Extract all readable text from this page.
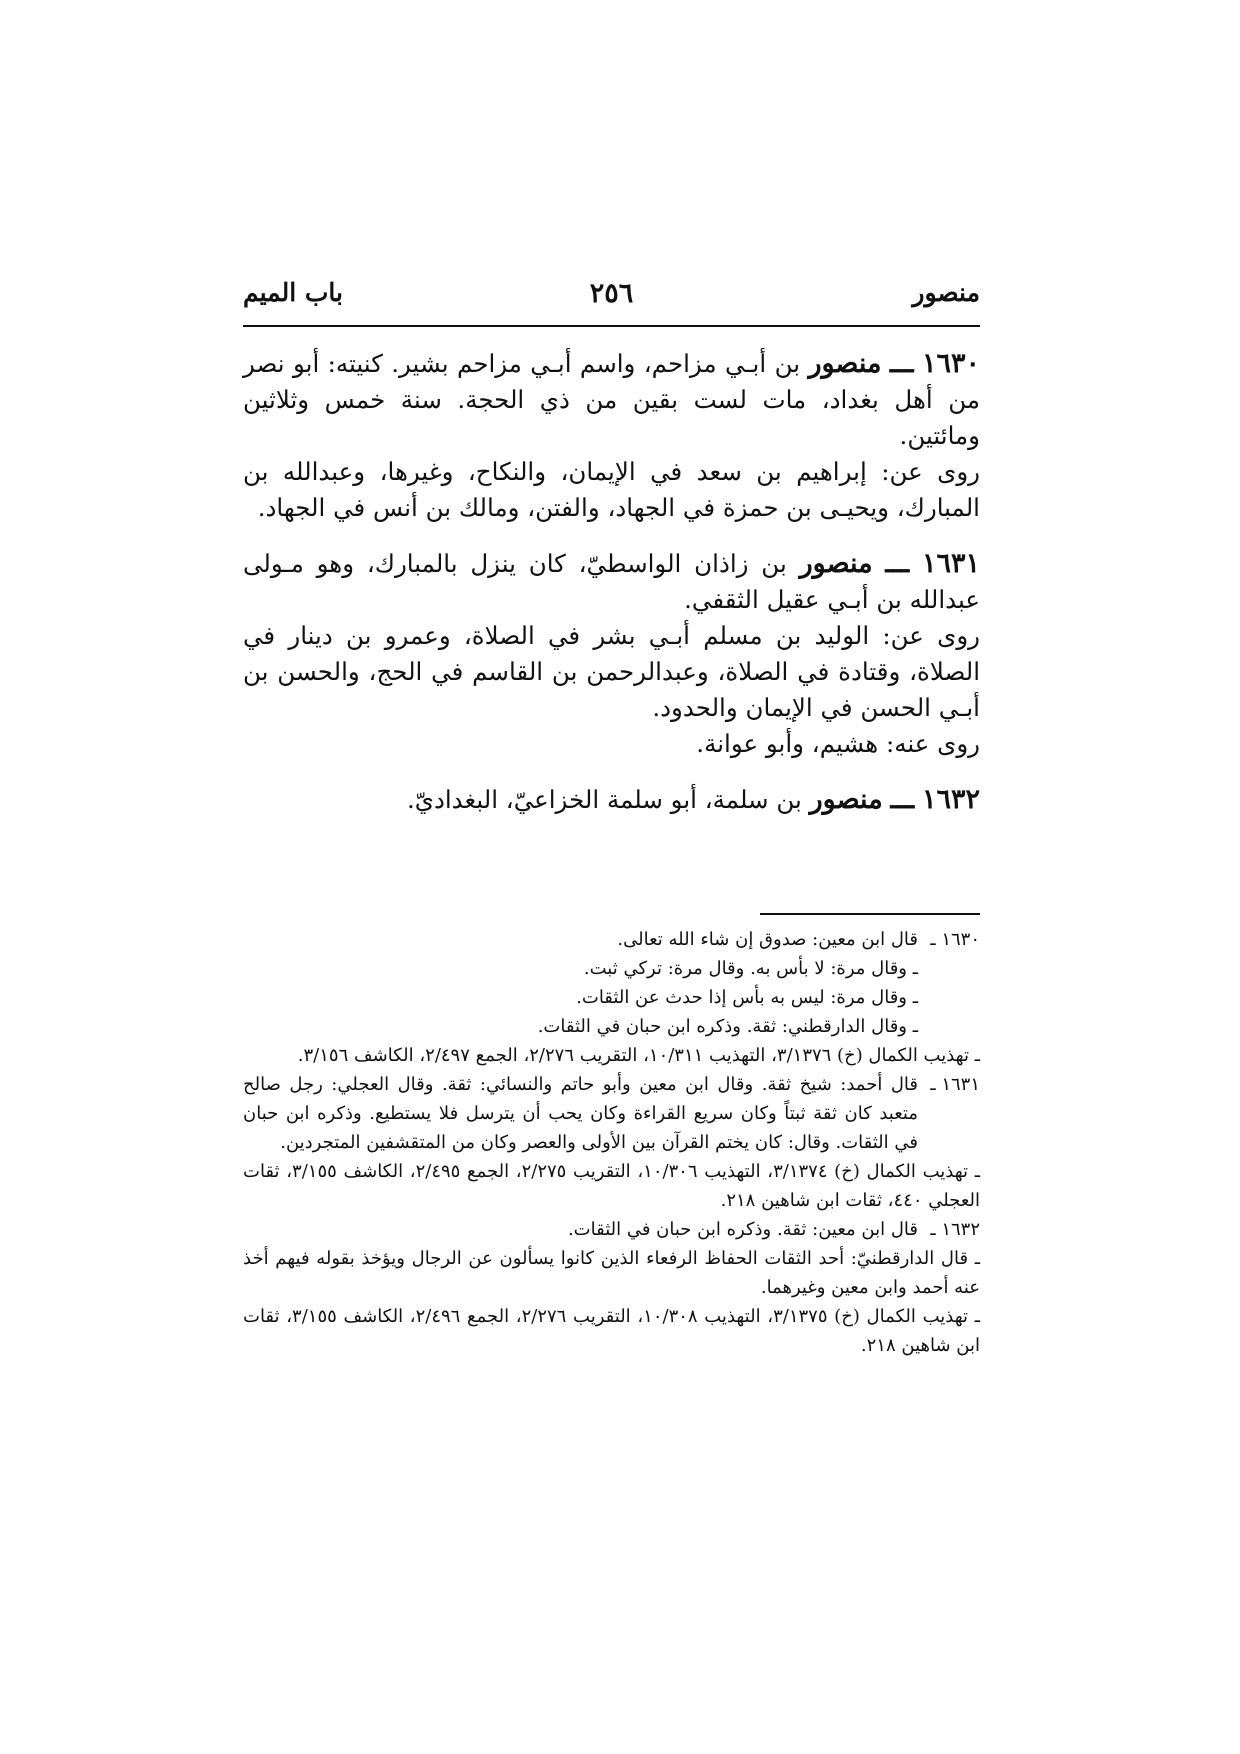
منصور
٢٥٦
باب الميم

١٦٣٠ ـــ منصور بن أبـي مزاحم، واسم أبـي مزاحم بشير. كنيته: أبو نصر من أهل بغداد، مات لست بقين من ذي الحجة. سنة خمس وثلاثين ومائتين.

روى عن: إبراهيم بن سعد في الإيمان، والنكاح، وغيرها، وعبدالله بن المبارك، ويحيـى بن حمزة في الجهاد، والفتن، ومالك بن أنس في الجهاد.

١٦٣١ ـــ منصور بن زاذان الواسطيّ، كان ينزل بالمبارك، وهو مـولى عبدالله بن أبـي عقيل الثقفي.

روى عن: الوليد بن مسلم أبـي بشر في الصلاة، وعمرو بن دينار في الصلاة، وقتادة في الصلاة، وعبدالرحمن بن القاسم في الحج، والحسن بن أبـي الحسن في الإيمان والحدود.

روى عنه: هشيم، وأبو عوانة.

١٦٣٢ ـــ منصور بن سلمة، أبو سلمة الخزاعيّ، البغداديّ.

١٦٣٠ ـ
قال ابن معين: صدوق إن شاء الله تعالى.

ـ وقال مرة: لا بأس به. وقال مرة: تركي ثبت.

ـ وقال مرة: ليس به بأس إذا حدث عن الثقات.

ـ وقال الدارقطني: ثقة. وذكره ابن حبان في الثقات.

ـ تهذيب الكمال (خ) ٣/١٣٧٦، التهذيب ١٠/٣١١، التقريب ٢/٢٧٦، الجمع ٢/٤٩٧، الكاشف ٣/١٥٦.

١٦٣١ ـ
قال أحمد: شيخ ثقة. وقال ابن معين وأبو حاتم والنسائي: ثقة. وقال العجلي: رجل صالح متعبد كان ثقة ثبتاً وكان سريع القراءة وكان يحب أن يترسل فلا يستطيع. وذكره ابن حبان في الثقات. وقال: كان يختم القرآن بين الأولى والعصر وكان من المتقشفين المتجردين.

ـ تهذيب الكمال (خ) ٣/١٣٧٤، التهذيب ١٠/٣٠٦، التقريب ٢/٢٧٥، الجمع ٢/٤٩٥، الكاشف ٣/١٥٥، ثقات العجلي ٤٤٠، ثقات ابن شاهين ٢١٨.

١٦٣٢ ـ
قال ابن معين: ثقة. وذكره ابن حبان في الثقات.

ـ قال الدارقطنيّ: أحد الثقات الحفاظ الرفعاء الذين كانوا يسألون عن الرجال ويؤخذ بقوله فيهم أخذ عنه أحمد وابن معين وغيرهما.

ـ تهذيب الكمال (خ) ٣/١٣٧٥، التهذيب ١٠/٣٠٨، التقريب ٢/٢٧٦، الجمع ٢/٤٩٦، الكاشف ٣/١٥٥، ثقات ابن شاهين ٢١٨.
